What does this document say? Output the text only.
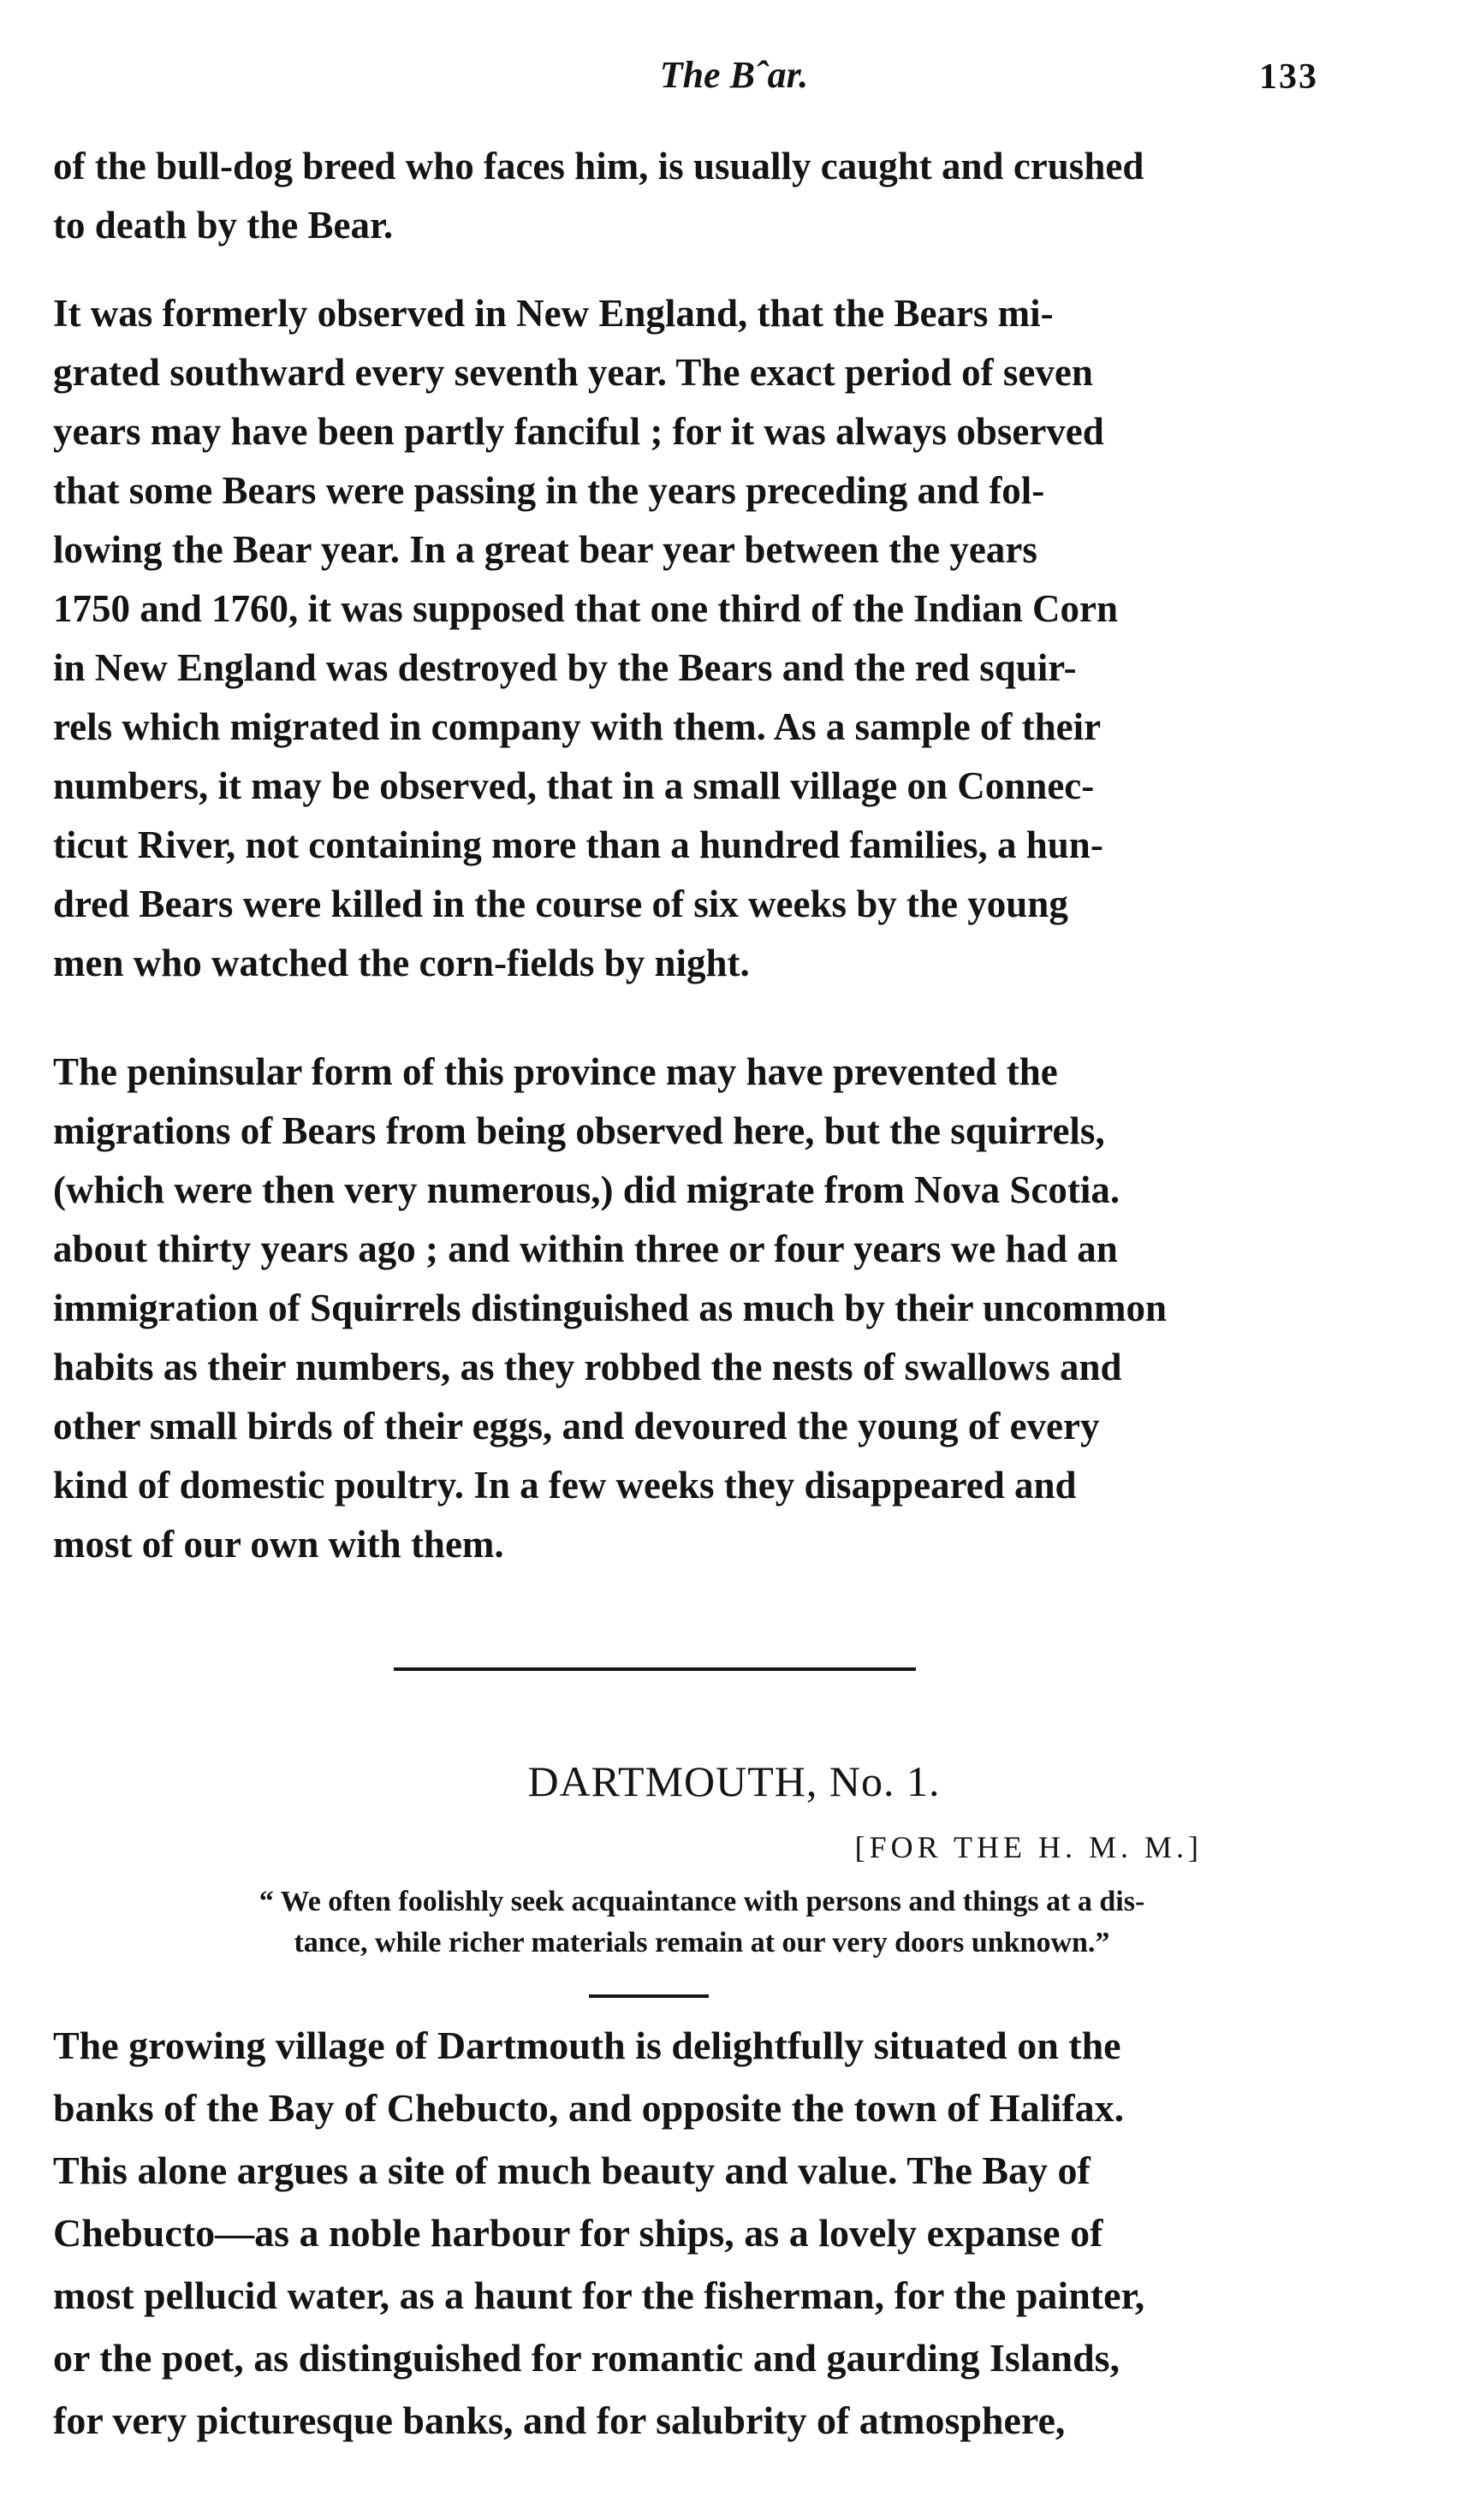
The Bˆar.	133
of the bull-dog breed who faces him, is usually caught and crushed
to death by the Bear.
It was formerly observed in New England, that the Bears mi-
grated southward every seventh year. The exact period of seven
years may have been partly fanciful ; for it was always observed
that some Bears were passing in the years preceding and fol-
lowing the Bear year. In a great bear year between the years
1750 and 1760, it was supposed that one third of the Indian Corn
in New England was destroyed by the Bears and the red squir-
rels which migrated in company with them. As a sample of their
numbers, it may be observed, that in a small village on Connec-
ticut River, not containing more than a hundred families, a hun-
dred Bears were killed in the course of six weeks by the young
men who watched the corn-fields by night.
The peninsular form of this province may have prevented the
migrations of Bears from being observed here, but the squirrels,
(which were then very numerous,) did migrate from Nova Scotia.
about thirty years ago ; and within three or four years we had an
immigration of Squirrels distinguished as much by their uncommon
habits as their numbers, as they robbed the nests of swallows and
other small birds of their eggs, and devoured the young of every
kind of domestic poultry. In a few weeks they disappeared and
most of our own with them.
DARTMOUTH, No. 1.

[FOR THE H. M. M.]

“ We often foolishly seek acquaintance with persons and things at a dis-
tance, while richer materials remain at our very doors unknown.”
The growing village of Dartmouth is delightfully situated on the
banks of the Bay of Chebucto, and opposite the town of Halifax.
This alone argues a site of much beauty and value. The Bay of
Chebucto—as a noble harbour for ships, as a lovely expanse of
most pellucid water, as a haunt for the fisherman, for the painter,
or the poet, as distinguished for romantic and gaurding Islands,
for very picturesque banks, and for salubrity of atmosphere,
